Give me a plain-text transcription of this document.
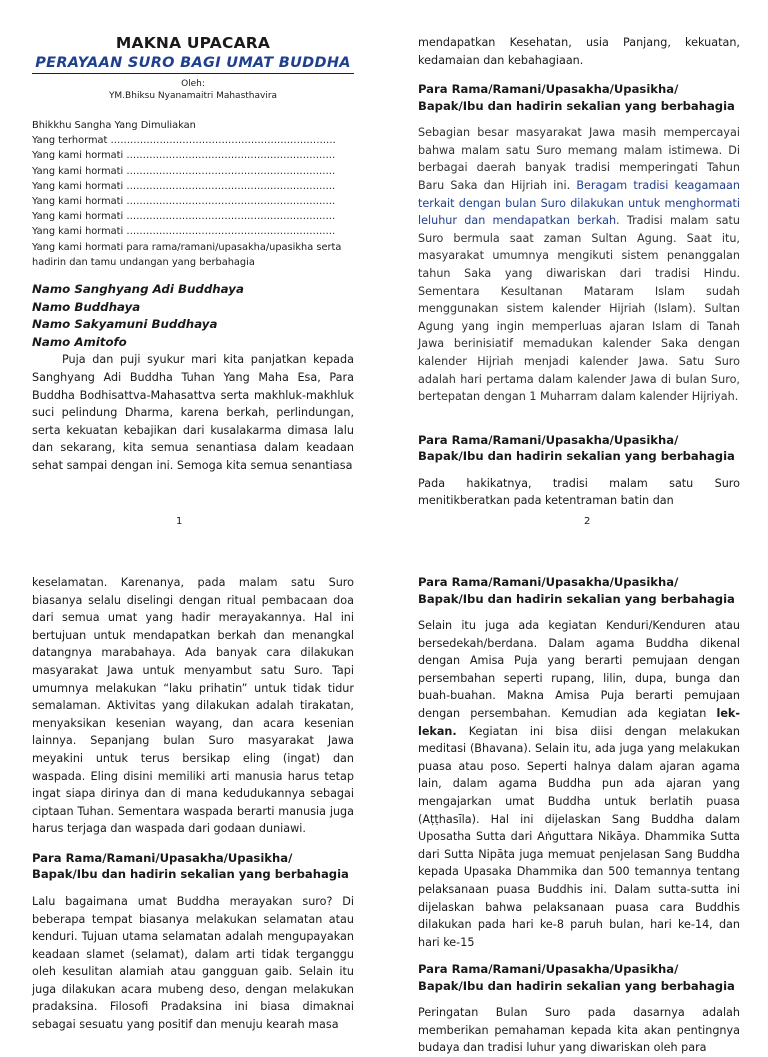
MAKNA UPACARA
PERAYAAN SURO BAGI UMAT BUDDHA
Oleh:
YM.Bhiksu Nyanamaitri Mahasthavira
Bhikkhu Sangha Yang Dimuliakan
Yang terhormat ……………………………………………………………
Yang kami hormati ……………………………………………………….
Yang kami hormati ……………………………………………………….
Yang kami hormati ……………………………………………………….
Yang kami hormati ……………………………………………………….
Yang kami hormati ……………………………………………………….
Yang kami hormati ……………………………………………………….
Yang kami hormati para rama/ramani/upasakha/upasikha serta hadirin dan tamu undangan yang berbahagia
Namo Sanghyang Adi Buddhaya
Namo Buddhaya
Namo Sakyamuni Buddhaya
Namo Amitofo

Puja dan puji syukur mari kita panjatkan kepada Sanghyang Adi Buddha Tuhan Yang Maha Esa, Para Buddha Bodhisattva-Mahasattva serta makhluk-makhluk suci pelindung Dharma, karena berkah, perlindungan, serta kekuatan kebajikan dari kusalakarma dimasa lalu dan sekarang, kita semua senantiasa dalam keadaan sehat sampai dengan ini. Semoga kita semua senantiasa

1

mendapatkan Kesehatan, usia Panjang, kekuatan, kedamaian dan kebahagiaan.

Para Rama/Ramani/Upasakha/Upasikha/ Bapak/Ibu dan hadirin sekalian yang berbahagia

Sebagian besar masyarakat Jawa masih mempercayai bahwa malam satu Suro memang malam istimewa. Di berbagai daerah banyak tradisi memperingati Tahun Baru Saka dan Hijriah ini. Beragam tradisi keagamaan terkait dengan bulan Suro dilakukan untuk menghormati leluhur dan mendapatkan berkah. Tradisi malam satu Suro bermula saat zaman Sultan Agung. Saat itu, masyarakat umumnya mengikuti sistem penanggalan tahun Saka yang diwariskan dari tradisi Hindu. Sementara Kesultanan Mataram Islam sudah menggunakan sistem kalender Hijriah (Islam). Sultan Agung yang ingin memperluas ajaran Islam di Tanah Jawa berinisiatif memadukan kalender Saka dengan kalender Hijriah menjadi kalender Jawa. Satu Suro adalah hari pertama dalam kalender Jawa di bulan Suro, bertepatan dengan 1 Muharram dalam kalender Hijriyah.

Para Rama/Ramani/Upasakha/Upasikha/ Bapak/Ibu dan hadirin sekalian yang berbahagia

Pada hakikatnya, tradisi malam satu Suro menitikberatkan pada ketentraman batin dan

2

keselamatan. Karenanya, pada malam satu Suro biasanya selalu diselingi dengan ritual pembacaan doa dari semua umat yang hadir merayakannya. Hal ini bertujuan untuk mendapatkan berkah dan menangkal datangnya marabahaya. Ada banyak cara dilakukan masyarakat Jawa untuk menyambut satu Suro. Tapi umumnya melakukan “laku prihatin” untuk tidak tidur semalaman. Aktivitas yang dilakukan adalah tirakatan, menyaksikan kesenian wayang, dan acara kesenian lainnya. Sepanjang bulan Suro masyarakat Jawa meyakini untuk terus bersikap eling (ingat) dan waspada. Eling disini memiliki arti manusia harus tetap ingat siapa dirinya dan di mana kedudukannya sebagai ciptaan Tuhan. Sementara waspada berarti manusia juga harus terjaga dan waspada dari godaan duniawi.

Para Rama/Ramani/Upasakha/Upasikha/ Bapak/Ibu dan hadirin sekalian yang berbahagia

Lalu bagaimana umat Buddha merayakan suro? Di beberapa tempat biasanya melakukan selamatan atau kenduri. Tujuan utama selamatan adalah mengupayakan keadaan slamet (selamat), dalam arti tidak terganggu oleh kesulitan alamiah atau gangguan gaib. Selain itu juga dilakukan acara mubeng deso, dengan melakukan pradaksina. Filosofi Pradaksina ini biasa dimaknai sebagai sesuatu yang positif dan menuju kearah masa

Para Rama/Ramani/Upasakha/Upasikha/ Bapak/Ibu dan hadirin sekalian yang berbahagia

Selain itu juga ada kegiatan Kenduri/Kenduren atau bersedekah/berdana. Dalam agama Buddha dikenal dengan Amisa Puja yang berarti pemujaan dengan persembahan seperti rupang, lilin, dupa, bunga dan buah-buahan. Makna Amisa Puja berarti pemujaan dengan persembahan. Kemudian ada kegiatan lek-lekan. Kegiatan ini bisa diisi dengan melakukan meditasi (Bhavana). Selain itu, ada juga yang melakukan puasa atau poso. Seperti halnya dalam ajaran agama lain, dalam agama Buddha pun ada ajaran yang mengajarkan umat Buddha untuk berlatih puasa (Aṭṭhasīla). Hal ini dijelaskan Sang Buddha dalam Uposatha Sutta dari Aṅguttara Nikāya. Dhammika Sutta dari Sutta Nipāta juga memuat penjelasan Sang Buddha kepada Upasaka Dhammika dan 500 temannya tentang pelaksanaan puasa Buddhis ini. Dalam sutta-sutta ini dijelaskan bahwa pelaksanaan puasa cara Buddhis dilakukan pada hari ke-8 paruh bulan, hari ke-14, dan hari ke-15

Para Rama/Ramani/Upasakha/Upasikha/ Bapak/Ibu dan hadirin sekalian yang berbahagia

Peringatan Bulan Suro pada dasarnya adalah memberikan pemahaman kepada kita akan pentingnya budaya dan tradisi luhur yang diwariskan oleh para
